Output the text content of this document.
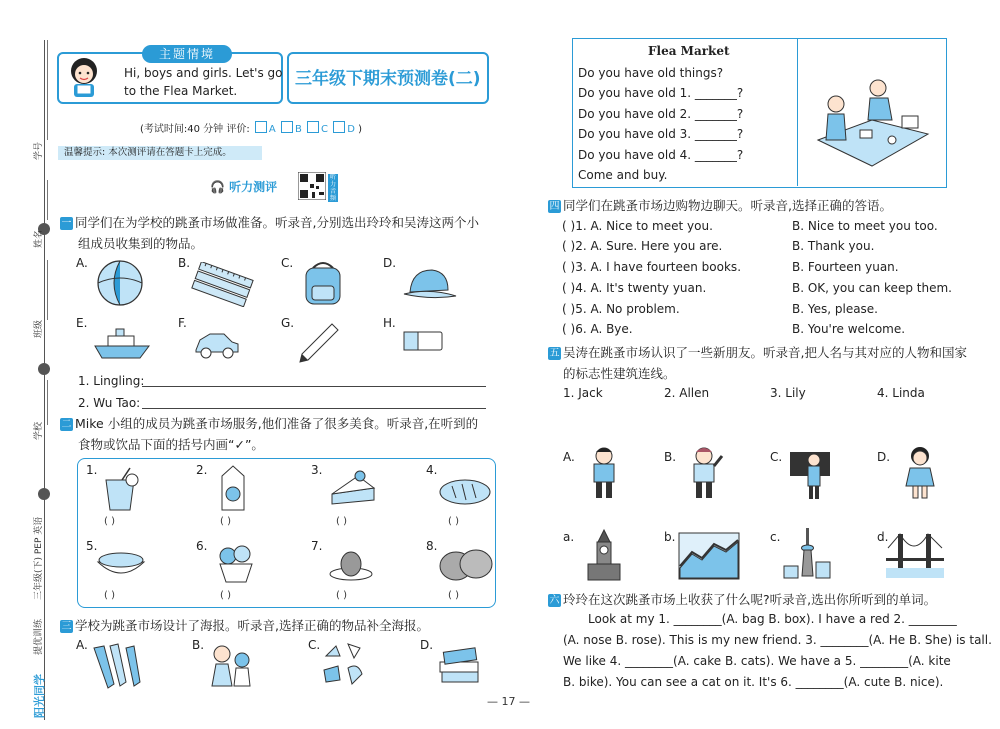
学号
姓名
班级
学校
三年级(下) PEP 英语
提优训练
阳光同学
主题情境
Hi, boys and girls. Let's go
to the Flea Market.
三年级下期末预测卷(二)
(考试时间:40 分钟 评价: A B C D )
温馨提示: 本次测评请在答题卡上完成。
🎧 听力测评
听力音频
一 同学们在为学校的跳蚤市场做准备。听录音,分别选出玲玲和吴涛这两个小
组成员收集到的物品。
A.	B.	C.	D.
E.	F.	G.	H.
1. Lingling:
2. Wu Tao:
二 Mike 小组的成员为跳蚤市场服务,他们准备了很多美食。听录音,在听到的
食物或饮品下面的括号内画“✓”。
1.	2.	3.	4.
5.	6.	7.	8.
( )	( )	( )	( )
( )	( )	( )	( )
三 学校为跳蚤市场设计了海报。听录音,选择正确的物品补全海报。
A.	B.	C.	D.
Flea Market
Do you have old things?
Do you have old 1. _______?
Do you have old 2. _______?
Do you have old 3. _______?
Do you have old 4. _______?
Come and buy.
四 同学们在跳蚤市场边购物边聊天。听录音,选择正确的答语。
( )1. A. Nice to meet you.	B. Nice to meet you too.
( )2. A. Sure. Here you are.	B. Thank you.
( )3. A. I have fourteen books.	B. Fourteen yuan.
( )4. A. It's twenty yuan.	B. OK, you can keep them.
( )5. A. No problem.	B. Yes, please.
( )6. A. Bye.	B. You're welcome.
五 吴涛在跳蚤市场认识了一些新朋友。听录音,把人名与其对应的人物和国家
的标志性建筑连线。
1. Jack	2. Allen	3. Lily	4. Linda
A.	B.	C.	D.
a.	b.	c.	d.
六 玲玲在这次跳蚤市场上收获了什么呢?听录音,选出你所听到的单词。
Look at my 1. ________(A. bag B. box). I have a red 2. ________
(A. nose B. rose). This is my new friend. 3. ________(A. He B. She) is tall.
We like 4. ________(A. cake B. cats). We have a 5. ________(A. kite
B. bike). You can see a cat on it. It's 6. ________(A. cute B. nice).
— 17 —
